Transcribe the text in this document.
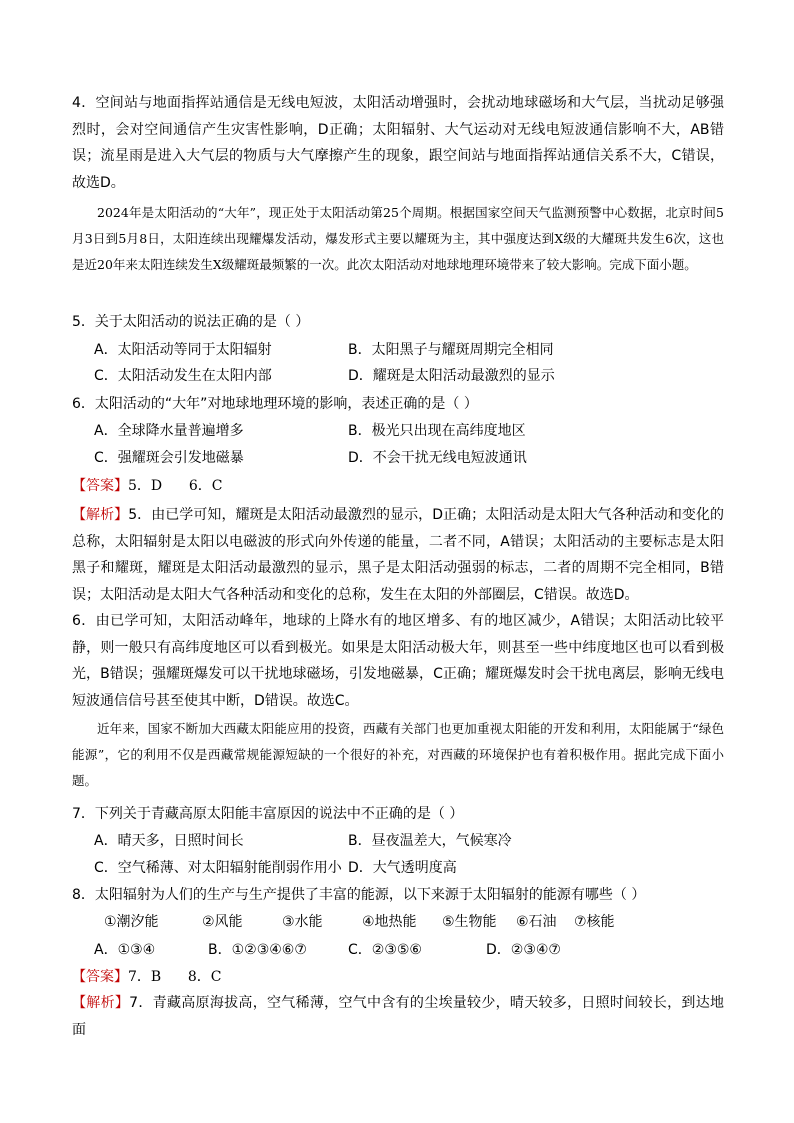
4．空间站与地面指挥站通信是无线电短波，太阳活动增强时，会扰动地球磁场和大气层，当扰动足够强烈时，会对空间通信产生灾害性影响，D正确；太阳辐射、大气运动对无线电短波通信影响不大，AB错误；流星雨是进入大气层的物质与大气摩擦产生的现象，跟空间站与地面指挥站通信关系不大，C错误，故选D。

2024年是太阳活动的“大年”，现正处于太阳活动第25个周期。根据国家空间天气监测预警中心数据，北京时间5月3日到5月8日，太阳连续出现耀爆发活动，爆发形式主要以耀斑为主，其中强度达到X级的大耀斑共发生6次，这也是近20年来太阳连续发生X级耀斑最频繁的一次。此次太阳活动对地球地理环境带来了较大影响。完成下面小题。

5．关于太阳活动的说法正确的是（ ）
A．太阳活动等同于太阳辐射	B．太阳黑子与耀斑周期完全相同
C．太阳活动发生在太阳内部	D．耀斑是太阳活动最激烈的显示
6．太阳活动的“大年”对地球地理环境的影响，表述正确的是（ ）
A．全球降水量普遍增多	B．极光只出现在高纬度地区
C．强耀斑会引发地磁暴	D．不会干扰无线电短波通讯
【答案】5．D      6．C

【解析】5．由已学可知，耀斑是太阳活动最激烈的显示，D正确；太阳活动是太阳大气各种活动和变化的总称，太阳辐射是太阳以电磁波的形式向外传递的能量，二者不同，A错误；太阳活动的主要标志是太阳黑子和耀斑，耀斑是太阳活动最激烈的显示，黑子是太阳活动强弱的标志，二者的周期不完全相同，B错误；太阳活动是太阳大气各种活动和变化的总称，发生在太阳的外部圈层，C错误。故选D。

6．由已学可知，太阳活动峰年，地球的上降水有的地区增多、有的地区减少，A错误；太阳活动比较平静，则一般只有高纬度地区可以看到极光。如果是太阳活动极大年，则甚至一些中纬度地区也可以看到极光，B错误；强耀斑爆发可以干扰地球磁场，引发地磁暴，C正确；耀斑爆发时会干扰电离层，影响无线电短波通信信号甚至使其中断，D错误。故选C。

近年来，国家不断加大西藏太阳能应用的投资，西藏有关部门也更加重视太阳能的开发和利用，太阳能属于“绿色能源”，它的利用不仅是西藏常规能源短缺的一个很好的补充，对西藏的环境保护也有着积极作用。据此完成下面小题。

7．下列关于青藏高原太阳能丰富原因的说法中不正确的是（ ）
A．晴天多，日照时间长	B．昼夜温差大，气候寒冷
C．空气稀薄、对太阳辐射能削弱作用小 D．大气透明度高
8．太阳辐射为人们的生产与生产提供了丰富的能源，以下来源于太阳辐射的能源有哪些（ ）
①潮汐能	②风能	③水能	④地热能 ⑤生物能 ⑥石油 ⑦核能
A．①③④	B．①②③④⑥⑦	C．②③⑤⑥	D．②③④⑦
【答案】7．B      8．C

【解析】7．青藏高原海拔高，空气稀薄，空气中含有的尘埃量较少，晴天较多，日照时间较长，到达地面
